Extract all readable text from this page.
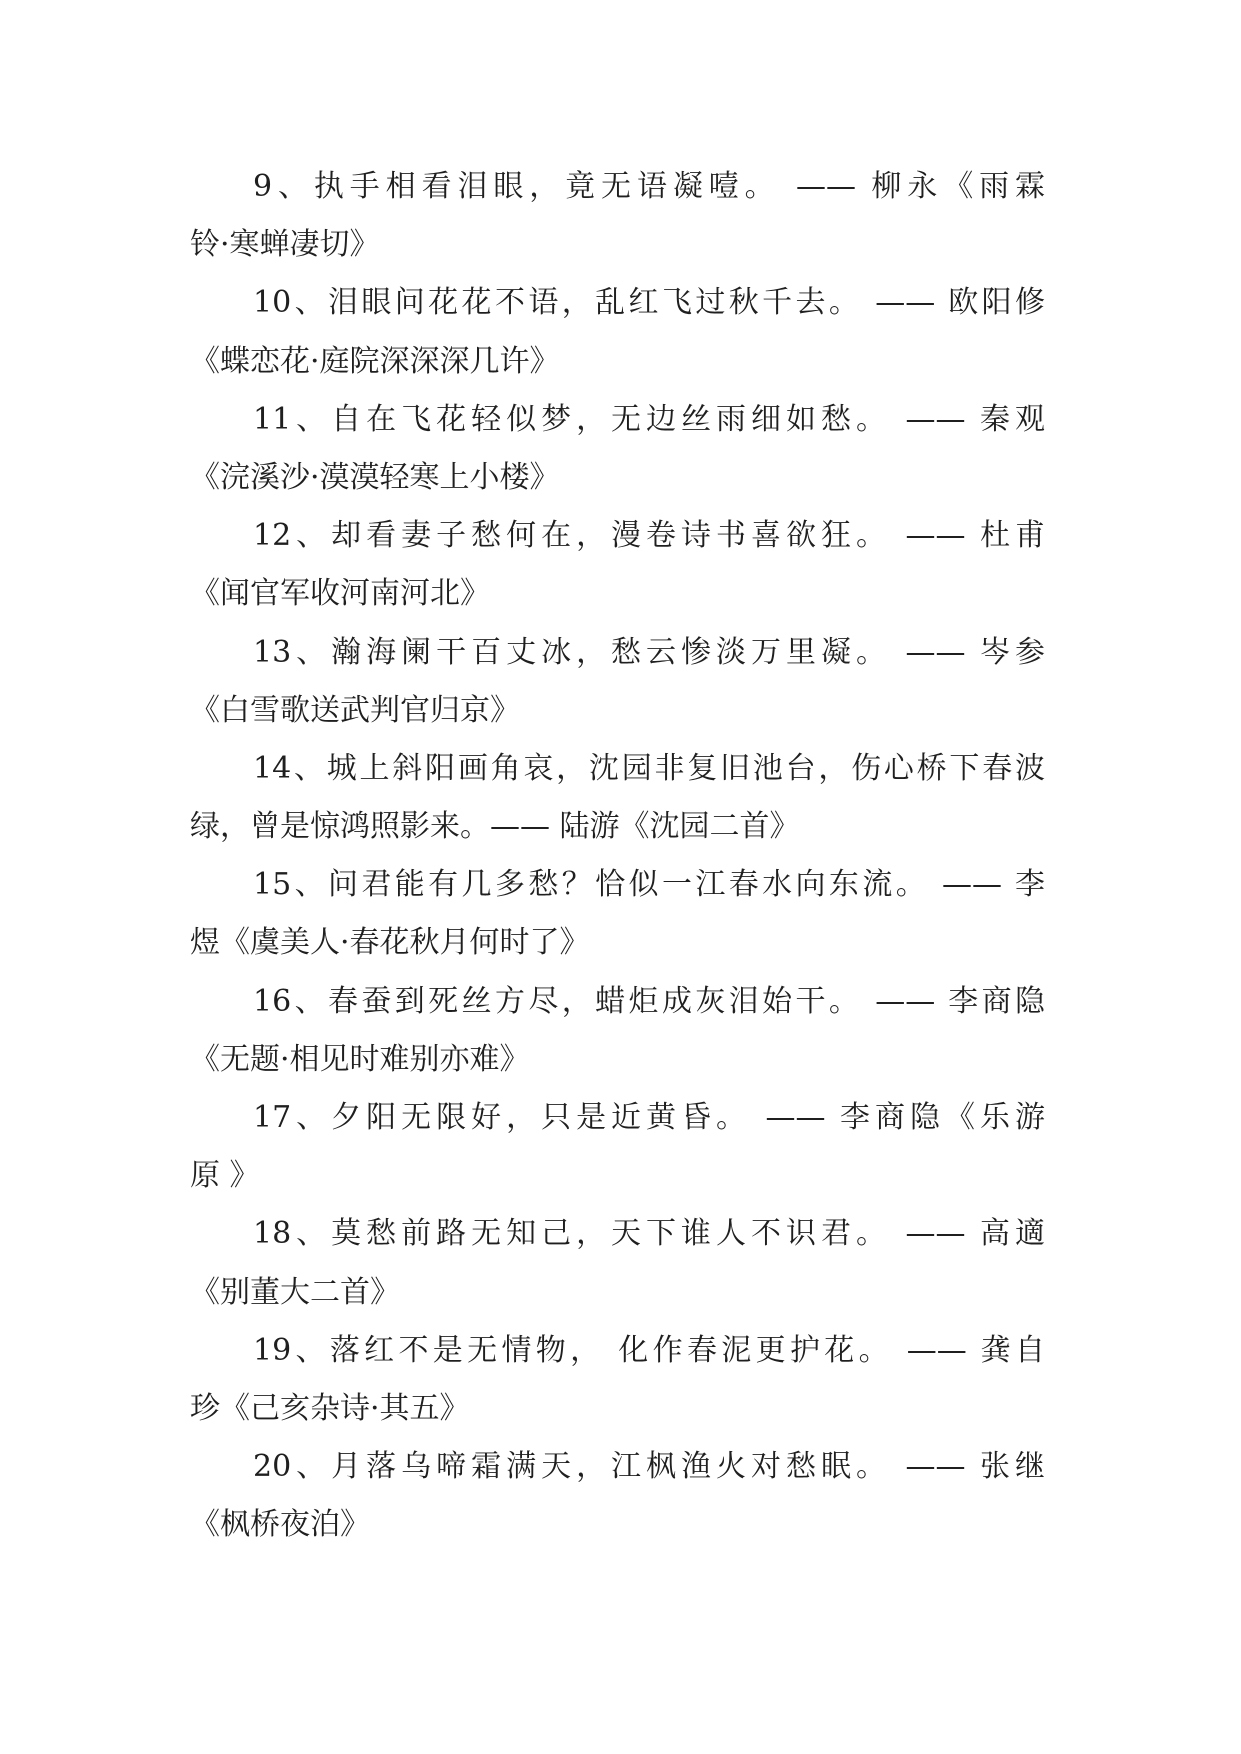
9、执手相看泪眼，竟无语凝噎。 —— 柳永《雨霖
铃·寒蝉凄切》
10、泪眼问花花不语，乱红飞过秋千去。 —— 欧阳修
《蝶恋花·庭院深深深几许》
11、自在飞花轻似梦，无边丝雨细如愁。 —— 秦观
《浣溪沙·漠漠轻寒上小楼》
12、却看妻子愁何在，漫卷诗书喜欲狂。 —— 杜甫
《闻官军收河南河北》
13、瀚海阑干百丈冰，愁云惨淡万里凝。 —— 岑参
《白雪歌送武判官归京》
14、城上斜阳画角哀，沈园非复旧池台，伤心桥下春波
绿，曾是惊鸿照影来。—— 陆游《沈园二首》
15、问君能有几多愁？恰似一江春水向东流。 —— 李
煜《虞美人·春花秋月何时了》
16、春蚕到死丝方尽，蜡炬成灰泪始干。 —— 李商隐
《无题·相见时难别亦难》
17、夕阳无限好，只是近黄昏。 —— 李商隐《乐游
原 》
18、莫愁前路无知己，天下谁人不识君。 —— 高適
《别董大二首》
19、落红不是无情物， 化作春泥更护花。 —— 龚自
珍《己亥杂诗·其五》
20、月落乌啼霜满天，江枫渔火对愁眠。 —— 张继
《枫桥夜泊》
